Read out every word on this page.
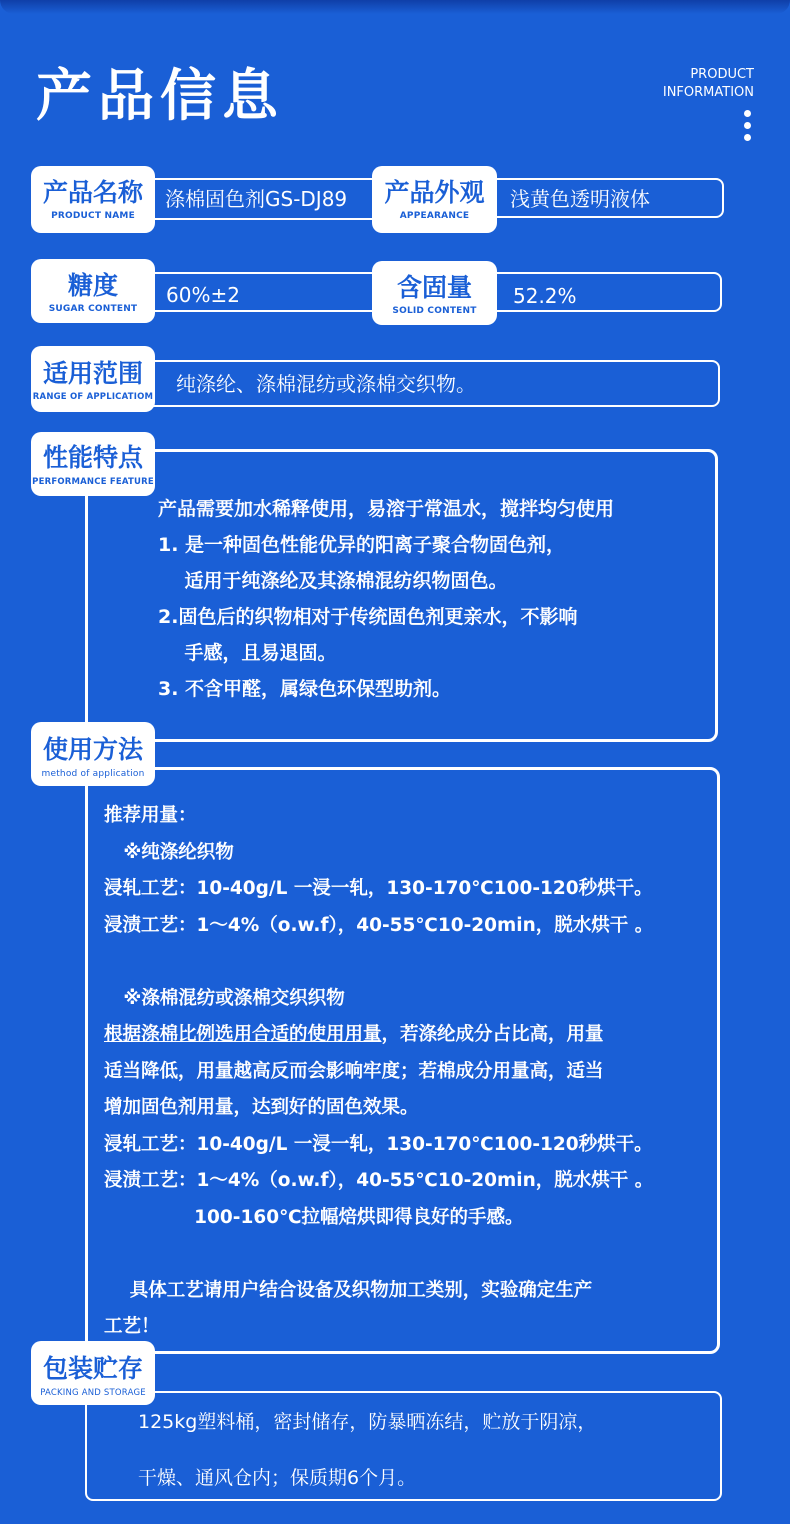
产品信息	PRODUCT
INFORMATION
产品名称
PRODUCT NAME
涤棉固色剂GS-DJ89	产品外观
APPEARANCE
浅黄色透明液体
糖度
SUGAR CONTENT
60%±2	含固量
SOLID CONTENT
52.2%
适用范围
RANGE OF APPLICATIOM
纯涤纶、涤棉混纺或涤棉交织物。
性能特点
PERFORMANCE FEATURE
产品需要加水稀释使用，易溶于常温水，搅拌均匀使用
1. 是一种固色性能优异的阳离子聚合物固色剂，
适用于纯涤纶及其涤棉混纺织物固色。
2.固色后的织物相对于传统固色剂更亲水，不影响
手感，且易退固。
3. 不含甲醛，属绿色环保型助剂。
使用方法
method of application
推荐用量：
※纯涤纶织物
浸轧工艺：10-40g/L 一浸一轧，130-170℃100-120秒烘干。
浸渍工艺：1～4%（o.w.f），40-55℃10-20min，脱水烘干 。
※涤棉混纺或涤棉交织织物
根据涤棉比例选用合适的使用用量，若涤纶成分占比高，用量
适当降低，用量越高反而会影响牢度；若棉成分用量高，适当
增加固色剂用量，达到好的固色效果。
浸轧工艺：10-40g/L 一浸一轧，130-170℃100-120秒烘干。
浸渍工艺：1～4%（o.w.f），40-55℃10-20min，脱水烘干 。
100-160℃拉幅焙烘即得良好的手感。
具体工艺请用户结合设备及织物加工类别，实验确定生产
工艺！
包装贮存
PACKING AND STORAGE
125kg塑料桶，密封储存，防暴晒冻结，贮放于阴凉，
干燥、通风仓内；保质期6个月。
